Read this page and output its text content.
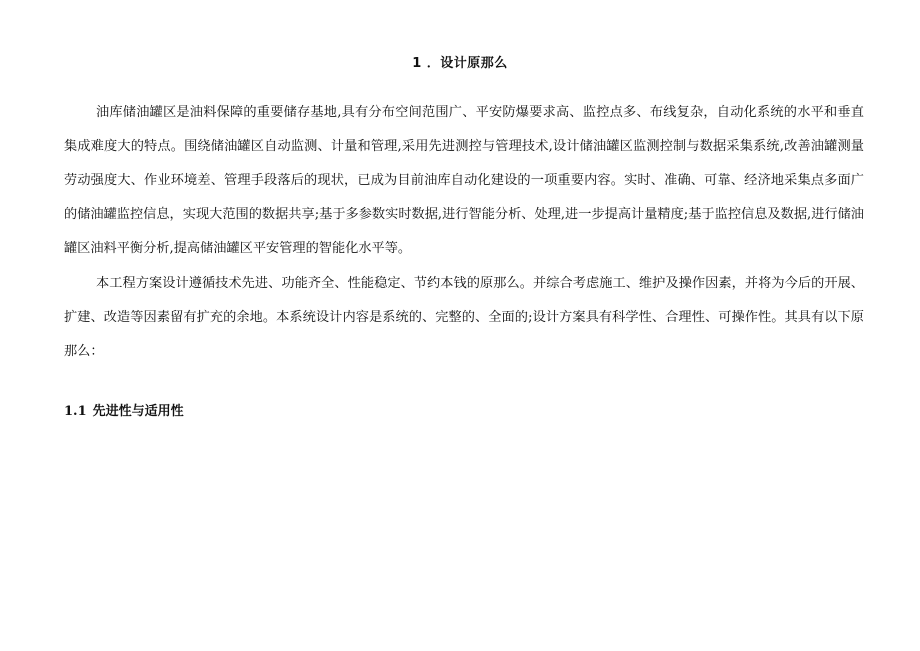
1 ．设计原那么

油库储油罐区是油料保障的重要储存基地,具有分布空间范围广、平安防爆要求高、监控点多、布线复杂，自动化系统的水平和垂直集成难度大的特点。围绕储油罐区自动监测、计量和管理,采用先进测控与管理技术,设计储油罐区监测控制与数据采集系统,改善油罐测量劳动强度大、作业环境差、管理手段落后的现状，已成为目前油库自动化建设的一项重要内容。实时、准确、可靠、经济地采集点多面广的储油罐监控信息，实现大范围的数据共享;基于多参数实时数据,进行智能分析、处理,进一步提高计量精度;基于监控信息及数据,进行储油罐区油料平衡分析,提高储油罐区平安管理的智能化水平等。

本工程方案设计遵循技术先进、功能齐全、性能稳定、节约本钱的原那么。并综合考虑施工、维护及操作因素，并将为今后的开展、扩建、改造等因素留有扩充的余地。本系统设计内容是系统的、完整的、全面的;设计方案具有科学性、合理性、可操作性。其具有以下原那么：

1.1 先进性与适用性
